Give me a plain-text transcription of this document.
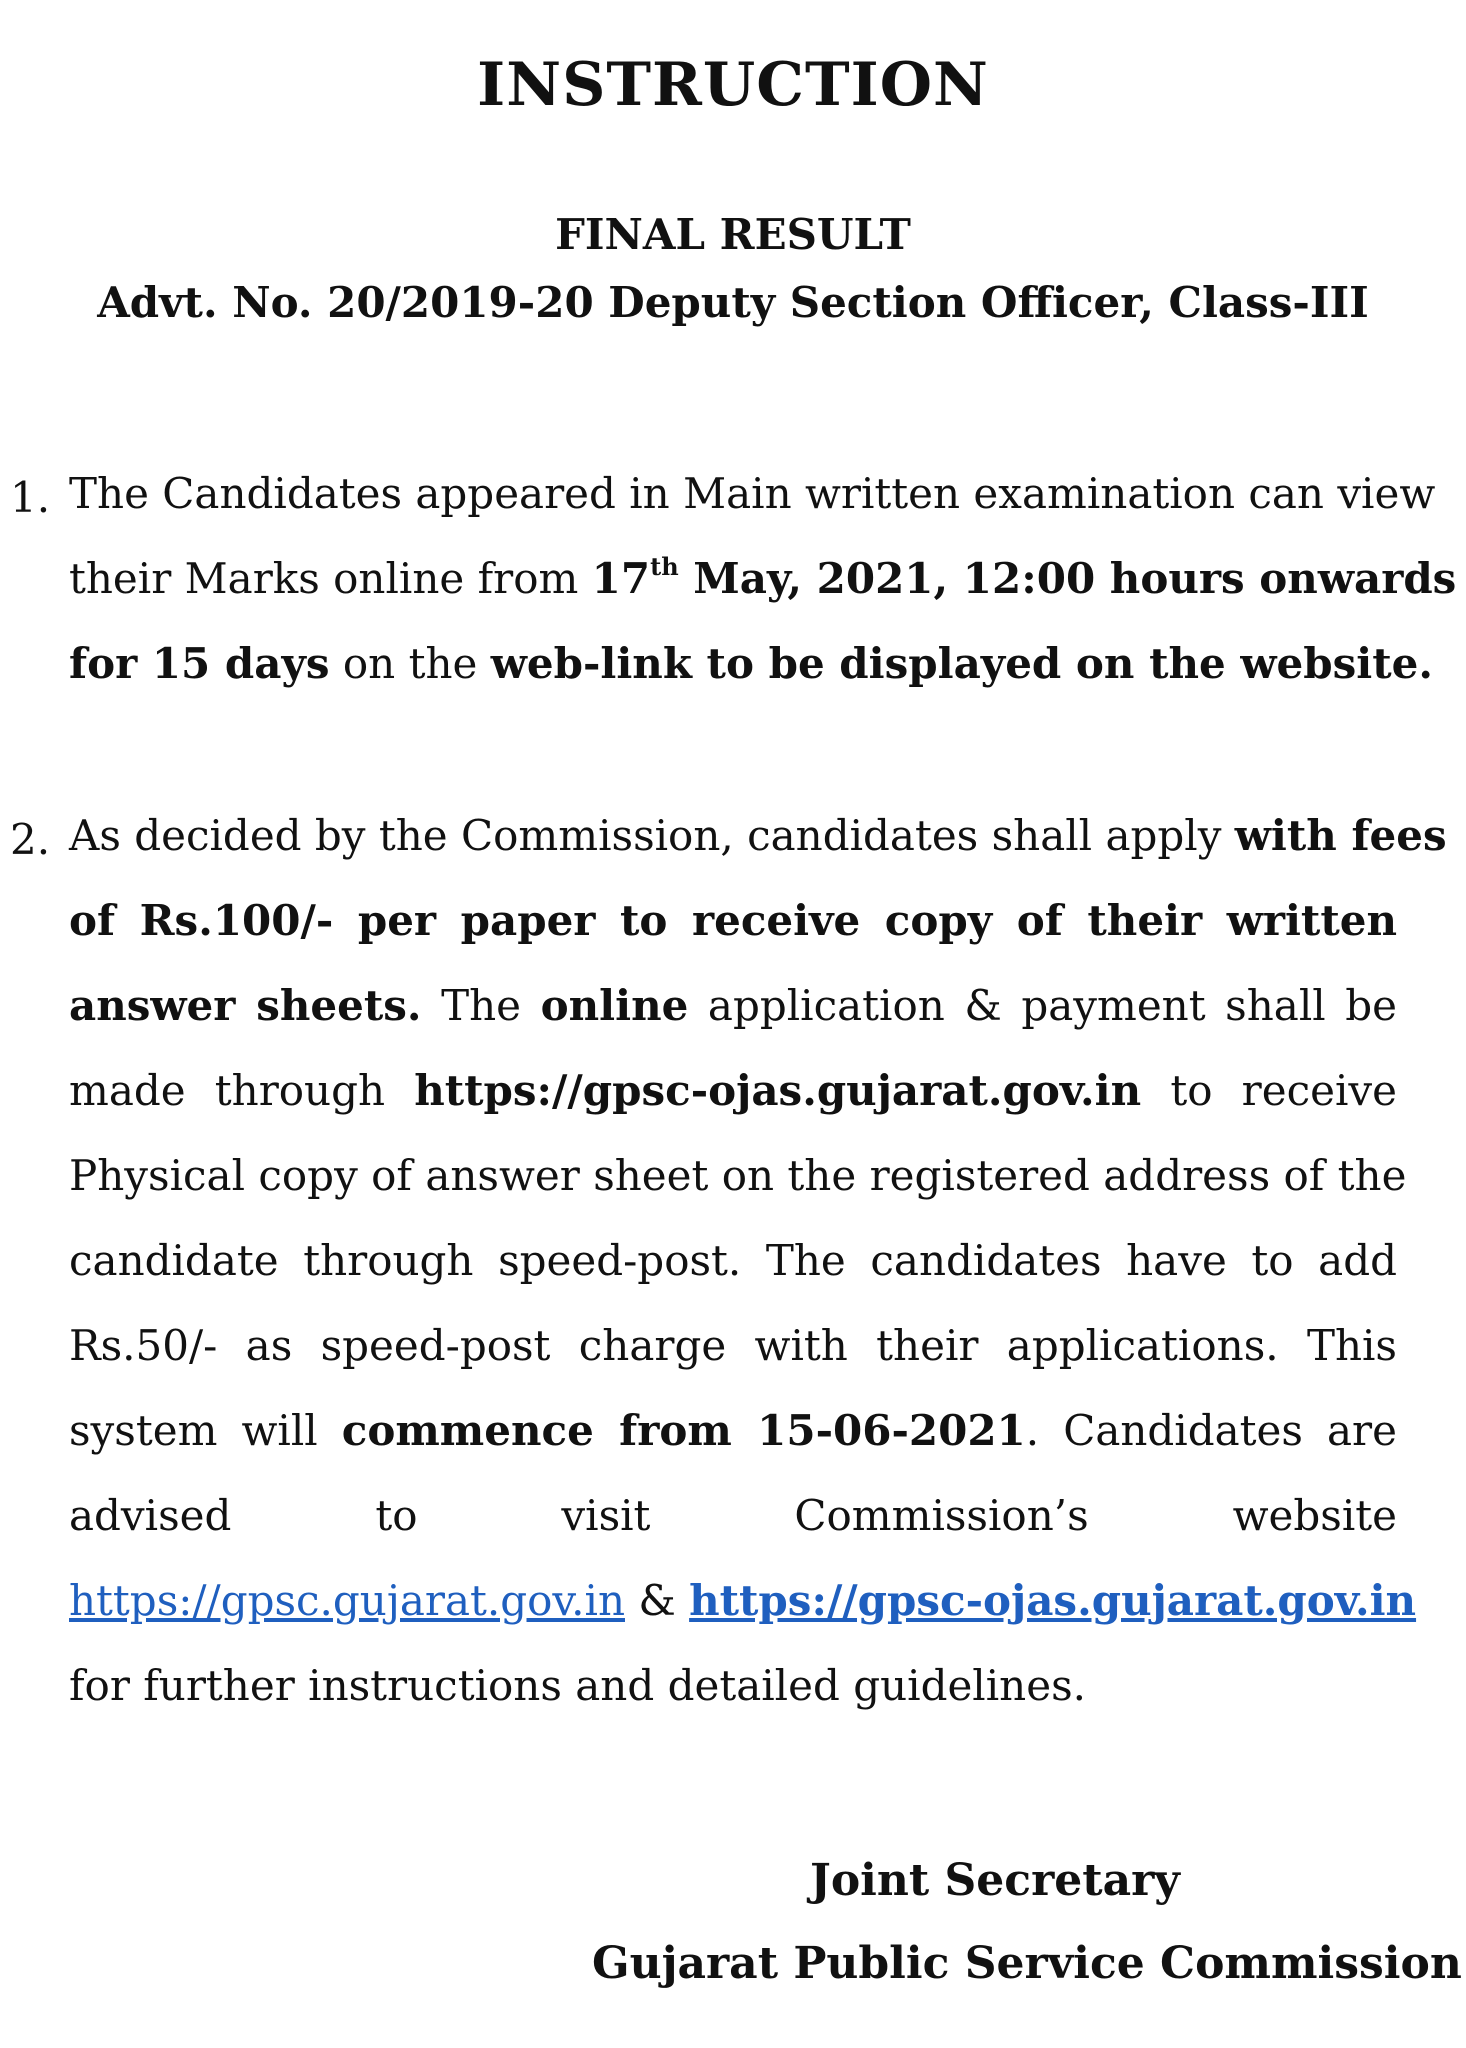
INSTRUCTION
FINAL RESULT
Advt. No. 20/2019-20 Deputy Section Officer, Class-III
1. The Candidates appeared in Main written examination can view
their Marks online from 17th May, 2021, 12:00 hours onwards
for 15 days on the web-link to be displayed on the website.
2. As decided by the Commission, candidates shall apply with fees
of Rs.100/- per paper to receive copy of their written
answer sheets. The online application & payment shall be
made through https://gpsc-ojas.gujarat.gov.in to receive
Physical copy of answer sheet on the registered address of the
candidate through speed-post. The candidates have to add
Rs.50/- as speed-post charge with their applications. This
system will commence from 15-06-2021. Candidates are
advised to visit Commission’s website
https://gpsc.gujarat.gov.in & https://gpsc-ojas.gujarat.gov.in
for further instructions and detailed guidelines.
Joint Secretary
Gujarat Public Service Commission
